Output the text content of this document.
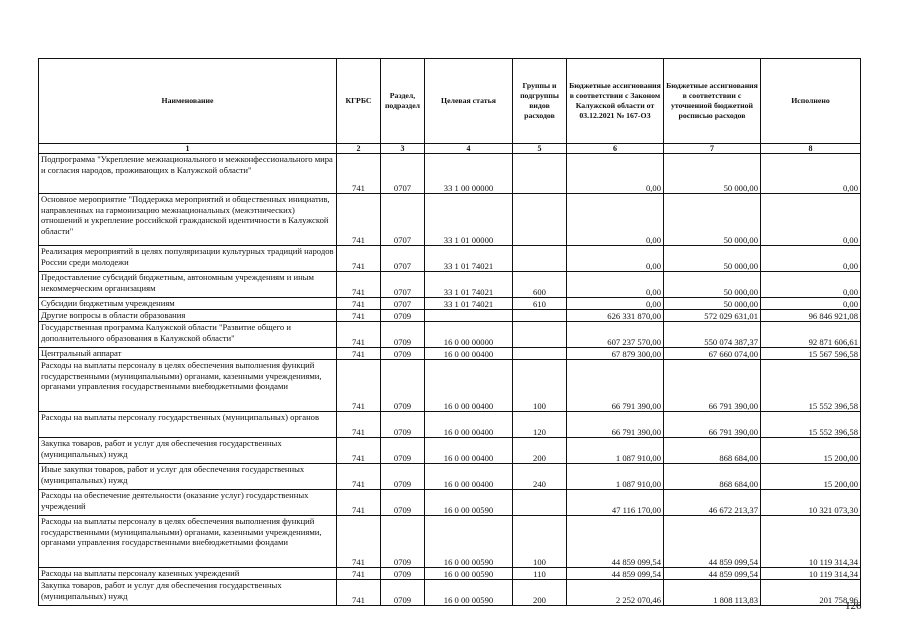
Наименование	КГРБС	Раздел, подраздел	Целевая статья	Группы и подгруппы видов расходов	Бюджетные ассигнования в соответствии с Законом Калужской области от 03.12.2021 № 167-ОЗ	Бюджетные ассигнования в соответствии с уточненной бюджетной росписью расходов	Исполнено
1	2	3	4	5	6	7	8
Подпрограмма "Укрепление межнационального и межконфессионального мира и согласия народов, проживающих в Калужской области"	741	0707	33 1 00 00000		0,00	50 000,00	0,00
Основное мероприятие "Поддержка мероприятий и общественных инициатив, направленных на гармонизацию межнациональных (межэтнических) отношений и укрепление российской гражданской идентичности в Калужской области"	741	0707	33 1 01 00000		0,00	50 000,00	0,00
Реализация мероприятий в целях популяризации культурных традиций народов России среди молодежи	741	0707	33 1 01 74021		0,00	50 000,00	0,00
Предоставление субсидий бюджетным, автономным учреждениям и иным некоммерческим организациям	741	0707	33 1 01 74021	600	0,00	50 000,00	0,00
Субсидии бюджетным учреждениям	741	0707	33 1 01 74021	610	0,00	50 000,00	0,00
Другие вопросы в области образования	741	0709			626 331 870,00	572 029 631,01	96 846 921,08
Государственная программа Калужской области "Развитие общего и дополнительного образования в Калужской области"	741	0709	16 0 00 00000		607 237 570,00	550 074 387,37	92 871 606,61
Центральный аппарат	741	0709	16 0 00 00400		67 879 300,00	67 660 074,00	15 567 596,58
Расходы на выплаты персоналу в целях обеспечения выполнения функций государственными (муниципальными) органами, казенными учреждениями, органами управления государственными внебюджетными фондами	741	0709	16 0 00 00400	100	66 791 390,00	66 791 390,00	15 552 396,58
Расходы на выплаты персоналу государственных (муниципальных) органов	741	0709	16 0 00 00400	120	66 791 390,00	66 791 390,00	15 552 396,58
Закупка товаров, работ и услуг для обеспечения государственных (муниципальных) нужд	741	0709	16 0 00 00400	200	1 087 910,00	868 684,00	15 200,00
Иные закупки товаров, работ и услуг для обеспечения государственных (муниципальных) нужд	741	0709	16 0 00 00400	240	1 087 910,00	868 684,00	15 200,00
Расходы на обеспечение деятельности (оказание услуг) государственных учреждений	741	0709	16 0 00 00590		47 116 170,00	46 672 213,37	10 321 073,30
Расходы на выплаты персоналу в целях обеспечения выполнения функций государственными (муниципальными) органами, казенными учреждениями, органами управления государственными внебюджетными фондами	741	0709	16 0 00 00590	100	44 859 099,54	44 859 099,54	10 119 314,34
Расходы на выплаты персоналу казенных учреждений	741	0709	16 0 00 00590	110	44 859 099,54	44 859 099,54	10 119 314,34
Закупка товаров, работ и услуг для обеспечения государственных (муниципальных) нужд	741	0709	16 0 00 00590	200	2 252 070,46	1 808 113,83	201 758,96
126
